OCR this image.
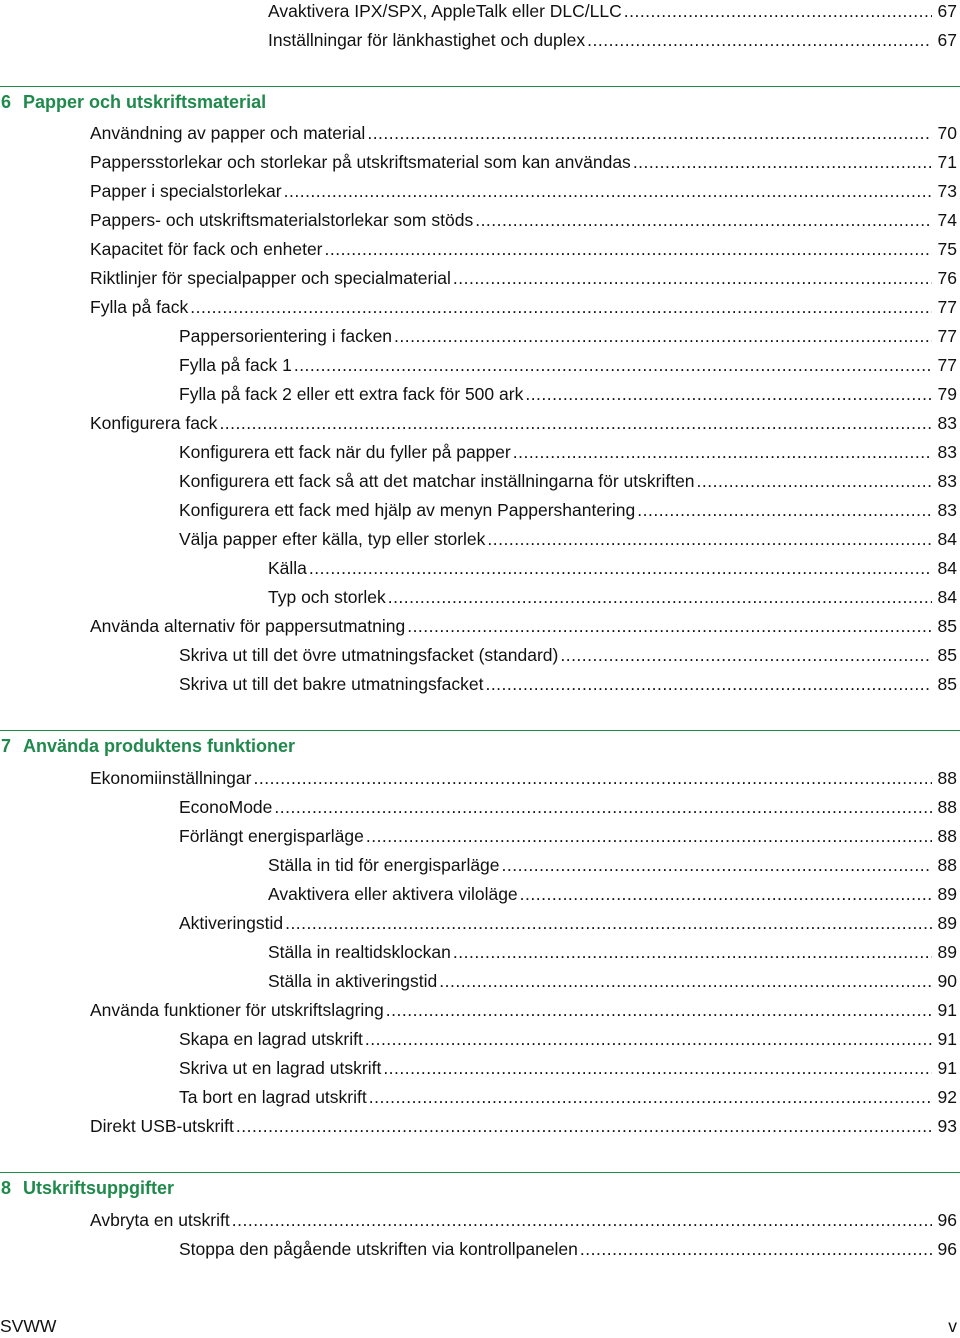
Avaktivera IPX/SPX, AppleTalk eller DLC/LLC .....	67
Inställningar för länkhastighet och duplex .....	67
6 Papper och utskriftsmaterial
Användning av papper och material .....	70
Pappersstorlekar och storlekar på utskriftsmaterial som kan användas .....	71
Papper i specialstorlekar .....	73
Pappers- och utskriftsmaterialstorlekar som stöds .....	74
Kapacitet för fack och enheter .....	75
Riktlinjer för specialpapper och specialmaterial .....	76
Fylla på fack .....	77
Pappersorientering i facken .....	77
Fylla på fack 1 .....	77
Fylla på fack 2 eller ett extra fack för 500 ark .....	79
Konfigurera fack .....	83
Konfigurera ett fack när du fyller på papper .....	83
Konfigurera ett fack så att det matchar inställningarna för utskriften .....	83
Konfigurera ett fack med hjälp av menyn Pappershantering .....	83
Välja papper efter källa, typ eller storlek .....	84
Källa .....	84
Typ och storlek .....	84
Använda alternativ för pappersutmatning .....	85
Skriva ut till det övre utmatningsfacket (standard) .....	85
Skriva ut till det bakre utmatningsfacket .....	85
7 Använda produktens funktioner
Ekonomiinställningar .....	88
EconoMode .....	88
Förlängt energisparläge .....	88
Ställa in tid för energisparläge .....	88
Avaktivera eller aktivera viloläge .....	89
Aktiveringstid .....	89
Ställa in realtidsklockan .....	89
Ställa in aktiveringstid .....	90
Använda funktioner för utskriftslagring .....	91
Skapa en lagrad utskrift .....	91
Skriva ut en lagrad utskrift .....	91
Ta bort en lagrad utskrift .....	92
Direkt USB-utskrift .....	93
8 Utskriftsuppgifter
Avbryta en utskrift .....	96
Stoppa den pågående utskriften via kontrollpanelen .....	96
SVWW	v
